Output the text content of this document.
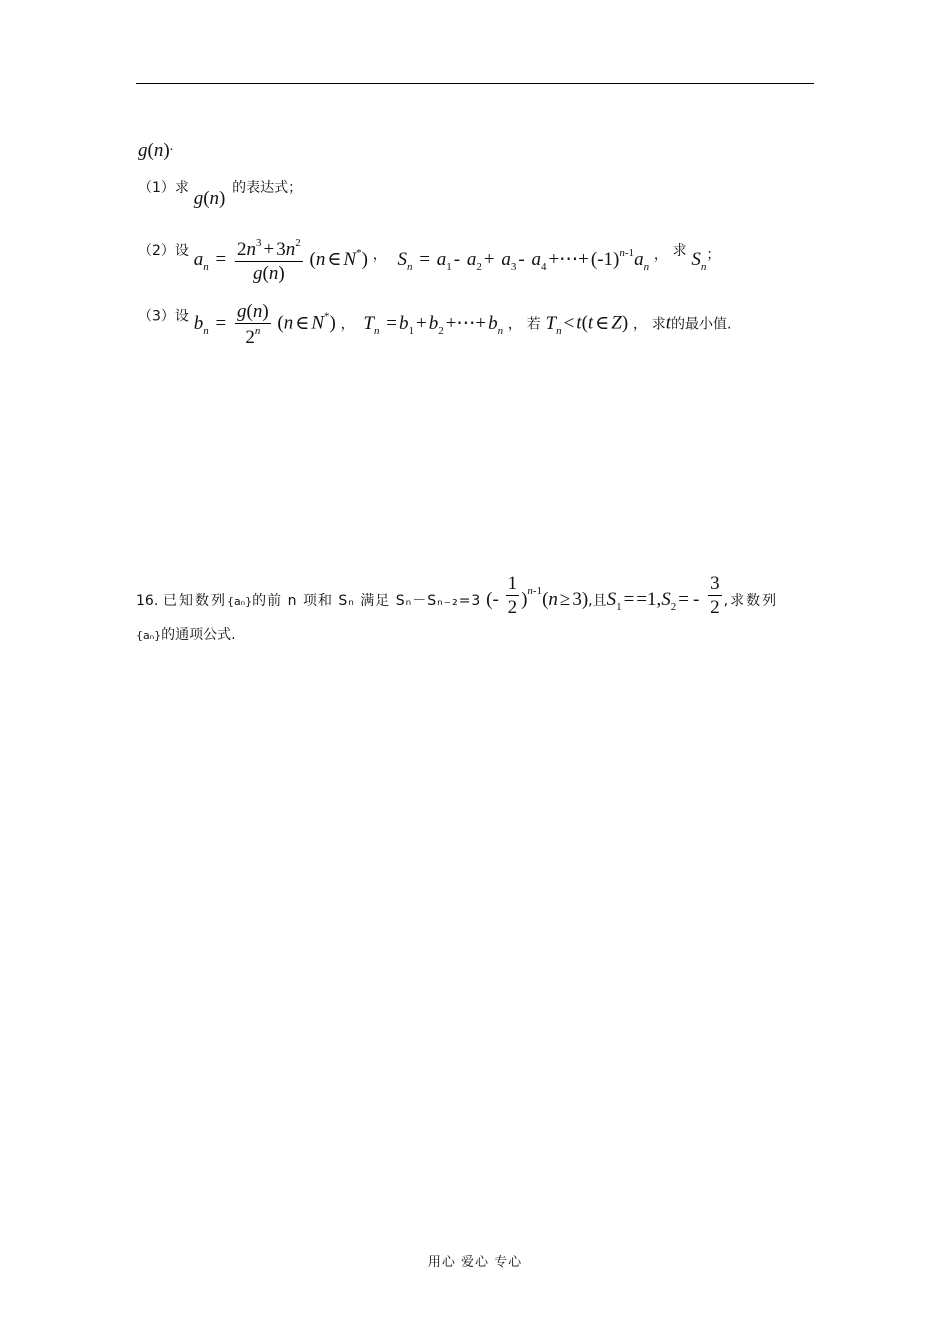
g(n).
（1）求 g(n) 的表达式；
（2）设 $a_n = \frac{2n^3 + 3n^2}{g(n)} (n$ ∈ N*) ， $S_n = a_1 - a_2 + a_3 - a_4$ +⋯+ $(-1)^{n-1}a_n$ ， 求 $S_n$；
（3）设 $b_n = \frac{g(n)}{2^n} (n$ ∈ N*) ， $T_n = b_1 + b_2$ +⋯+ $b_n$ ， 若 $T_n < t(t$ ∈ Z) ， 求t的最小值.
16. 已知数列{aₙ}的前 n 项和 Sₙ 满足 Sₙ－Sₙ₋₂=3 (- $\frac{1}{2} )^{n-1}(n \ge 3)$,且$S_1 = =1,S_2$ = - $\frac{3}{2}$ ,求数列
{aₙ}的通项公式.
用心 爱心 专心
